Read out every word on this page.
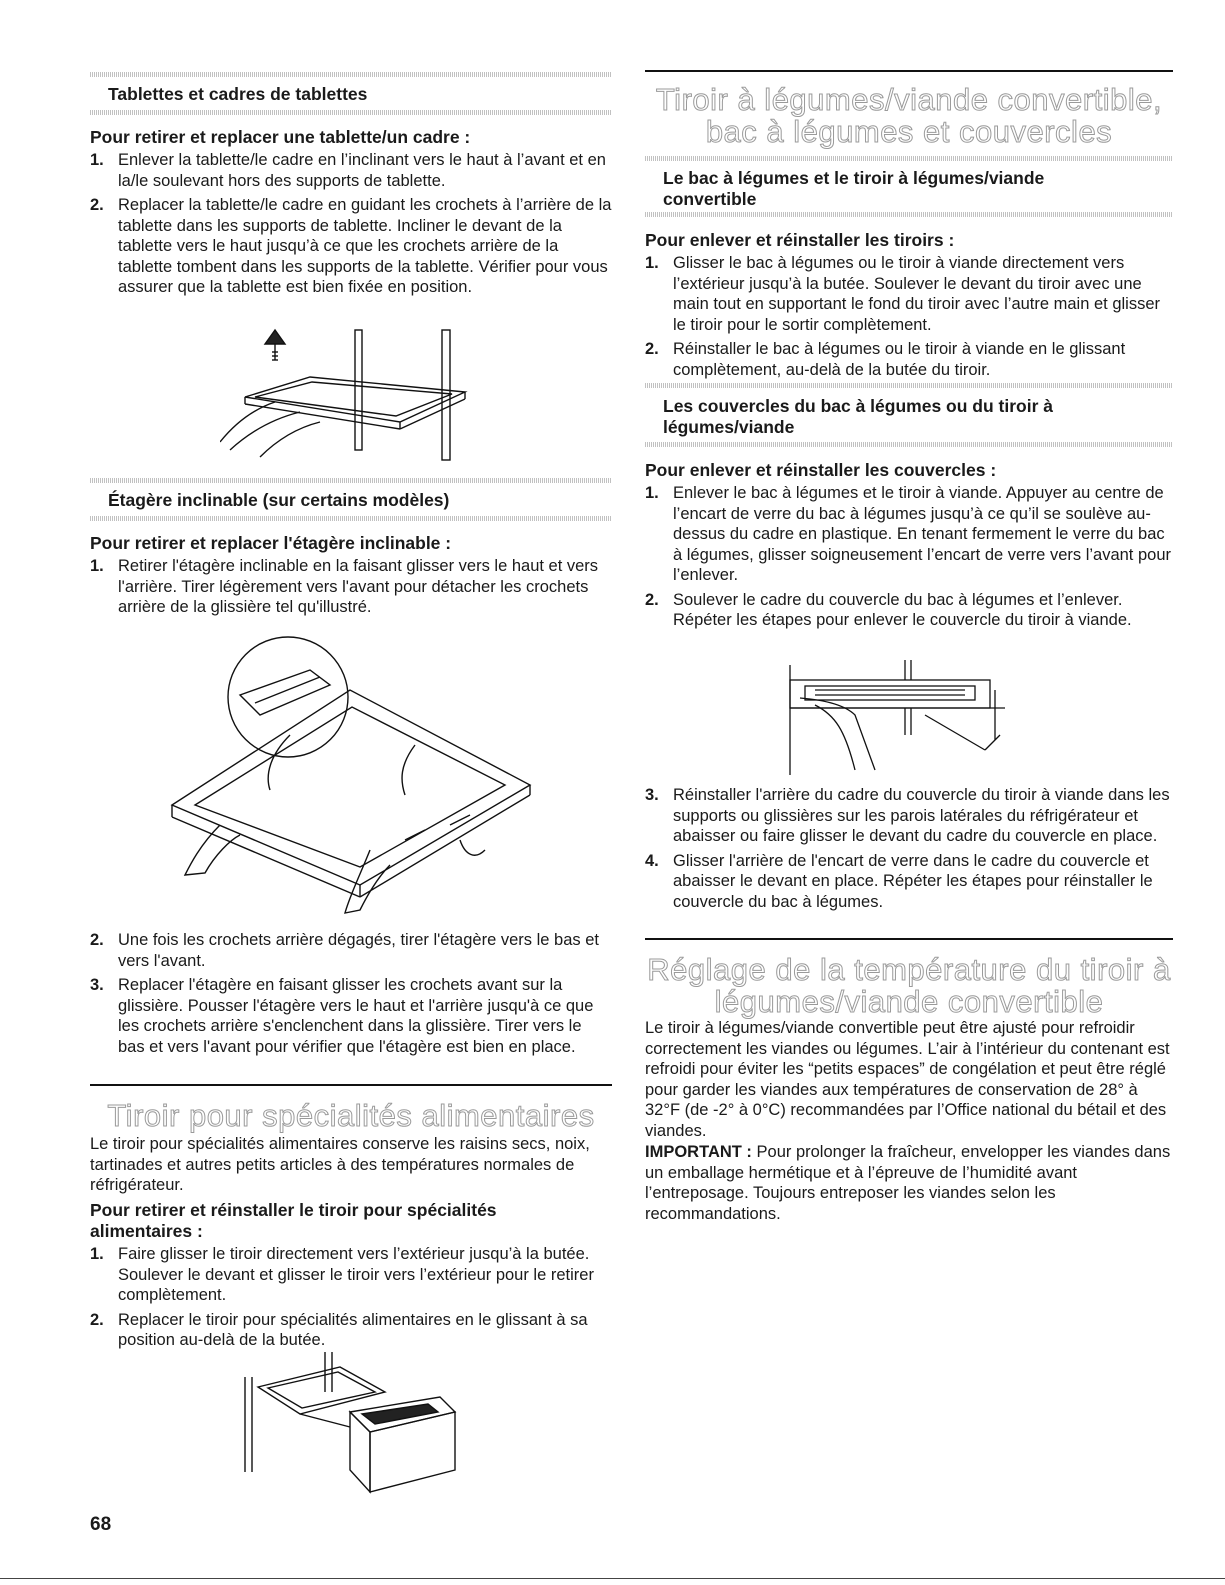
Tablettes et cadres de tablettes
Pour retirer et replacer une tablette/un cadre :
1. Enlever la tablette/le cadre en l’inclinant vers le haut à l’avant et en la/le soulevant hors des supports de tablette.
2. Replacer la tablette/le cadre en guidant les crochets à l’arrière de la tablette dans les supports de tablette. Incliner le devant de la tablette vers le haut jusqu’à ce que les crochets arrière de la tablette tombent dans les supports de la tablette. Vérifier pour vous assurer que la tablette est bien fixée en position.
Étagère inclinable (sur certains modèles)
Pour retirer et replacer l'étagère inclinable :
1. Retirer l'étagère inclinable en la faisant glisser vers le haut et vers l'arrière. Tirer légèrement vers l'avant pour détacher les crochets arrière de la glissière tel qu'illustré.
2. Une fois les crochets arrière dégagés, tirer l'étagère vers le bas et vers l'avant.
3. Replacer l'étagère en faisant glisser les crochets avant sur la glissière. Pousser l'étagère vers le haut et l'arrière jusqu'à ce que les crochets arrière s'enclenchent dans la glissière. Tirer vers le bas et vers l'avant pour vérifier que l'étagère est bien en place.
Tiroir pour spécialités alimentaires
Le tiroir pour spécialités alimentaires conserve les raisins secs, noix, tartinades et autres petits articles à des températures normales de réfrigérateur.
Pour retirer et réinstaller le tiroir pour spécialités alimentaires :
1. Faire glisser le tiroir directement vers l’extérieur jusqu’à la butée. Soulever le devant et glisser le tiroir vers l’extérieur pour le retirer complètement.
2. Replacer le tiroir pour spécialités alimentaires en le glissant à sa position au-delà de la butée.
Tiroir à légumes/viande convertible,
bac à légumes et couvercles
Le bac à légumes et le tiroir à légumes/viande convertible
Pour enlever et réinstaller les tiroirs :
1. Glisser le bac à légumes ou le tiroir à viande directement vers l’extérieur jusqu’à la butée. Soulever le devant du tiroir avec une main tout en supportant le fond du tiroir avec l’autre main et glisser le tiroir pour le sortir complètement.
2. Réinstaller le bac à légumes ou le tiroir à viande en le glissant complètement, au-delà de la butée du tiroir.
Les couvercles du bac à légumes ou du tiroir à légumes/viande
Pour enlever et réinstaller les couvercles :
1. Enlever le bac à légumes et le tiroir à viande. Appuyer au centre de l’encart de verre du bac à légumes jusqu’à ce qu’il se soulève au-dessus du cadre en plastique. En tenant fermement le verre du bac à légumes, glisser soigneusement l’encart de verre vers l’avant pour l’enlever.
2. Soulever le cadre du couvercle du bac à légumes et l’enlever. Répéter les étapes pour enlever le couvercle du tiroir à viande.
3. Réinstaller l'arrière du cadre du couvercle du tiroir à viande dans les supports ou glissières sur les parois latérales du réfrigérateur et abaisser ou faire glisser le devant du cadre du couvercle en place.
4. Glisser l'arrière de l'encart de verre dans le cadre du couvercle et abaisser le devant en place. Répéter les étapes pour réinstaller le couvercle du bac à légumes.
Réglage de la température du tiroir à
légumes/viande convertible
Le tiroir à légumes/viande convertible peut être ajusté pour refroidir correctement les viandes ou légumes. L’air à l’intérieur du contenant est refroidi pour éviter les “petits espaces” de congélation et peut être réglé pour garder les viandes aux températures de conservation de 28° à 32°F (de -2° à 0°C) recommandées par l’Office national du bétail et des viandes.
IMPORTANT : Pour prolonger la fraîcheur, envelopper les viandes dans un emballage hermétique et à l’épreuve de l’humidité avant l’entreposage. Toujours entreposer les viandes selon les recommandations.
68
